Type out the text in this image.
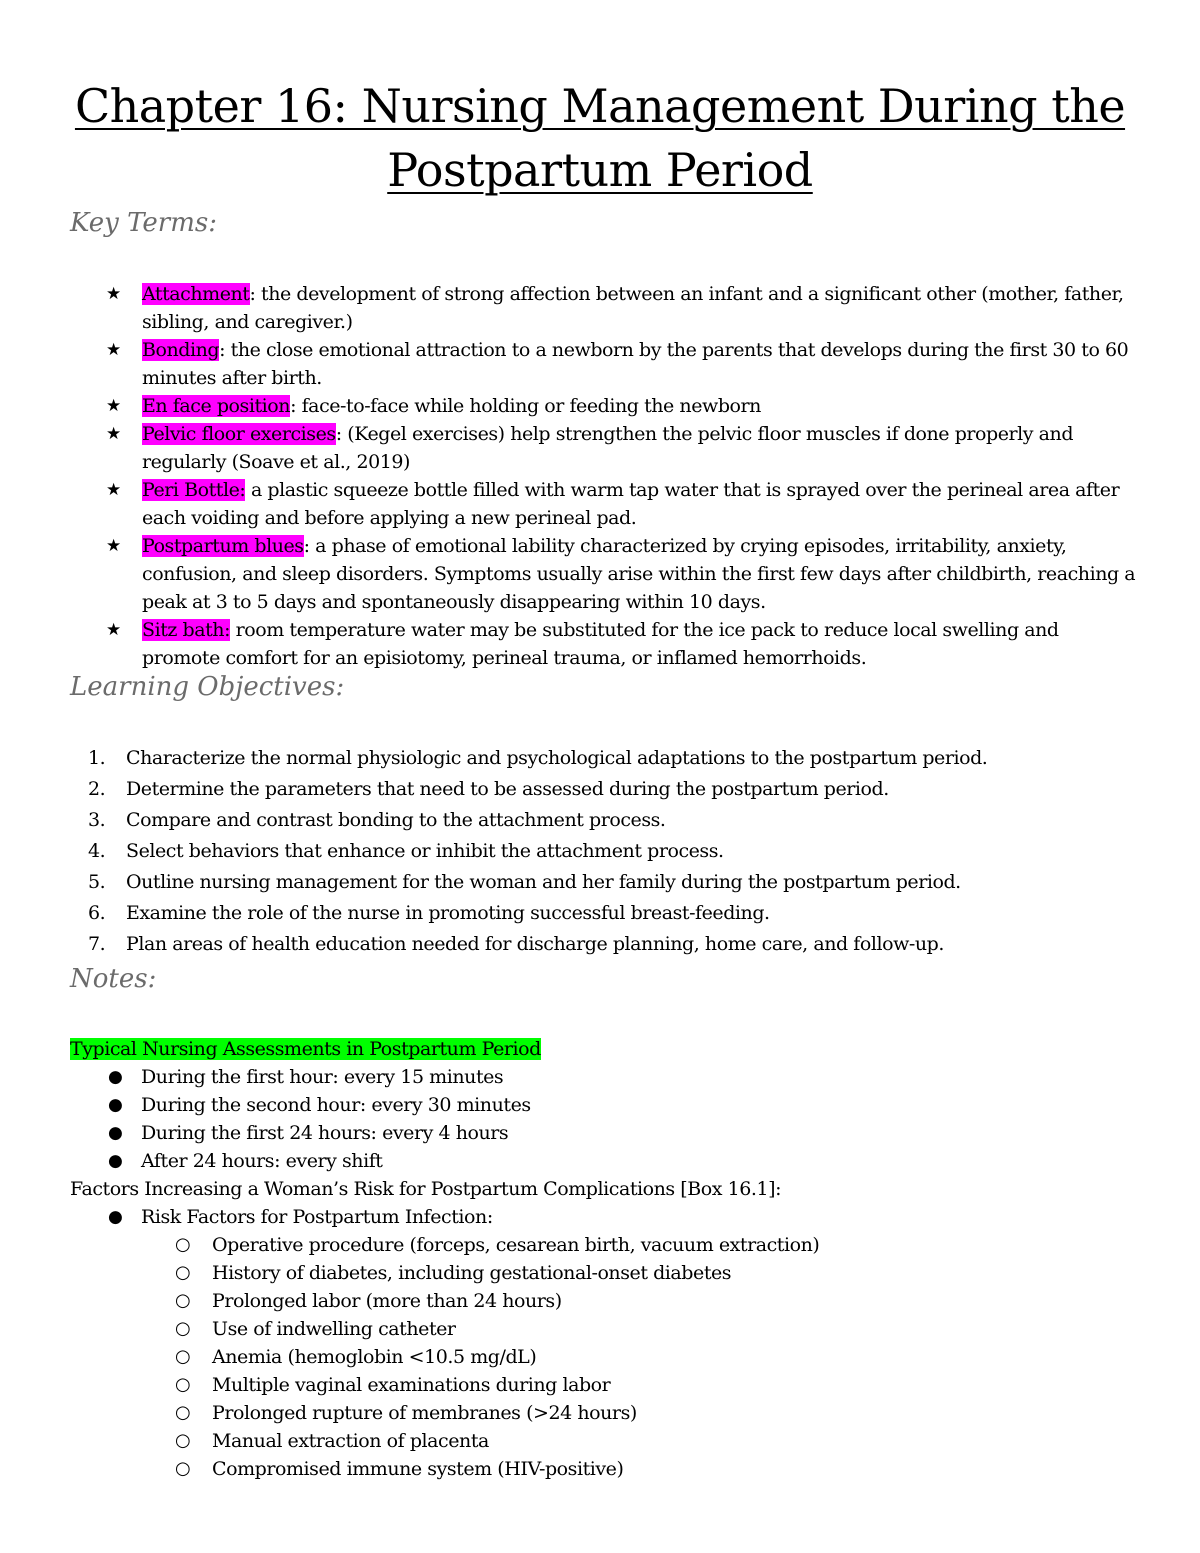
Chapter 16: Nursing Management During the
Postpartum Period
Key Terms:
★ Attachment: the development of strong affection between an infant and a significant other (mother, father, sibling, and caregiver.)
★ Bonding: the close emotional attraction to a newborn by the parents that develops during the first 30 to 60 minutes after birth.
★ En face position: face-to-face while holding or feeding the newborn
★ Pelvic floor exercises: (Kegel exercises) help strengthen the pelvic floor muscles if done properly and regularly (Soave et al., 2019)
★ Peri Bottle: a plastic squeeze bottle filled with warm tap water that is sprayed over the perineal area after each voiding and before applying a new perineal pad.
★ Postpartum blues: a phase of emotional lability characterized by crying episodes, irritability, anxiety, confusion, and sleep disorders. Symptoms usually arise within the first few days after childbirth, reaching a peak at 3 to 5 days and spontaneously disappearing within 10 days.
★ Sitz bath: room temperature water may be substituted for the ice pack to reduce local swelling and promote comfort for an episiotomy, perineal trauma, or inflamed hemorrhoids.
Learning Objectives:
1. Characterize the normal physiologic and psychological adaptations to the postpartum period.
2. Determine the parameters that need to be assessed during the postpartum period.
3. Compare and contrast bonding to the attachment process.
4. Select behaviors that enhance or inhibit the attachment process.
5. Outline nursing management for the woman and her family during the postpartum period.
6. Examine the role of the nurse in promoting successful breast-feeding.
7. Plan areas of health education needed for discharge planning, home care, and follow-up.
Notes:
Typical Nursing Assessments in Postpartum Period
● During the first hour: every 15 minutes
● During the second hour: every 30 minutes
● During the first 24 hours: every 4 hours
● After 24 hours: every shift
Factors Increasing a Woman’s Risk for Postpartum Complications [Box 16.1]:
● Risk Factors for Postpartum Infection:
○ Operative procedure (forceps, cesarean birth, vacuum extraction)
○ History of diabetes, including gestational-onset diabetes
○ Prolonged labor (more than 24 hours)
○ Use of indwelling catheter
○ Anemia (hemoglobin <10.5 mg/dL)
○ Multiple vaginal examinations during labor
○ Prolonged rupture of membranes (>24 hours)
○ Manual extraction of placenta
○ Compromised immune system (HIV-positive)
